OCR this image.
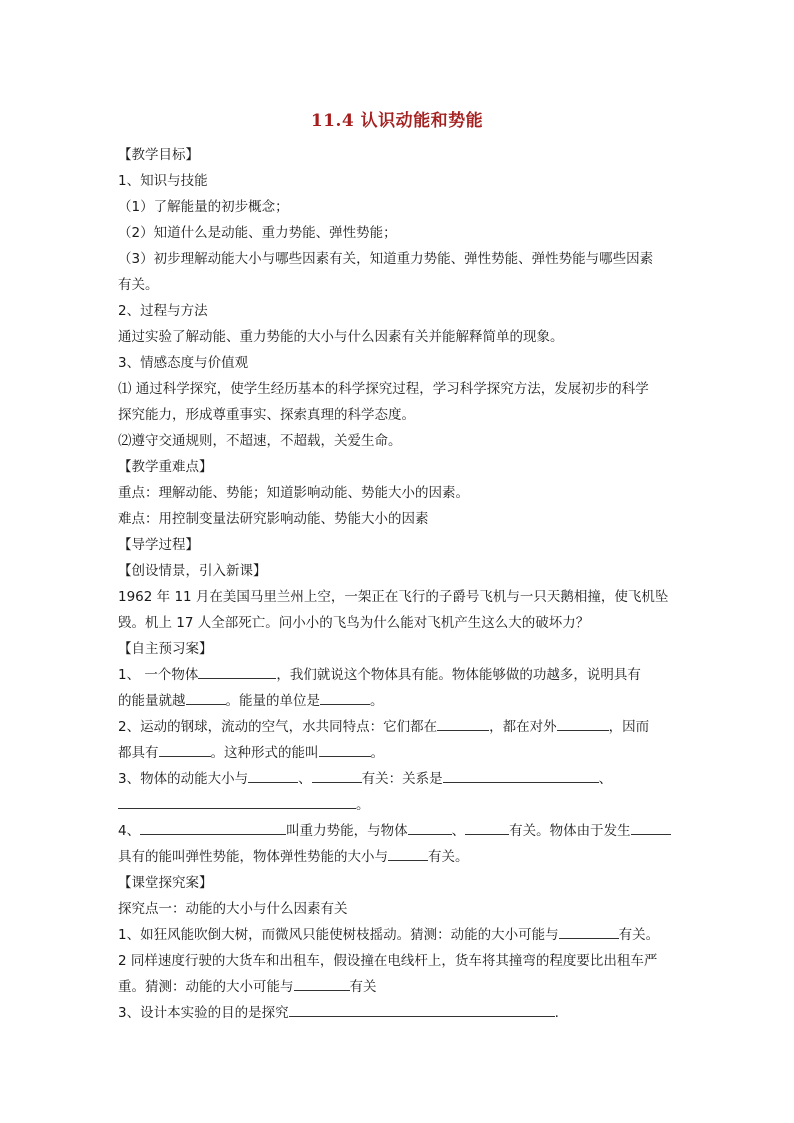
11.4 认识动能和势能
【教学目标】
1、知识与技能
（1）了解能量的初步概念；
（2）知道什么是动能、重力势能、弹性势能；
（3）初步理解动能大小与哪些因素有关，知道重力势能、弹性势能、弹性势能与哪些因素
有关。
2、过程与方法
通过实验了解动能、重力势能的大小与什么因素有关并能解释简单的现象。
3、情感态度与价值观
⑴ 通过科学探究，使学生经历基本的科学探究过程，学习科学探究方法，发展初步的科学
探究能力，形成尊重事实、探索真理的科学态度。
⑵遵守交通规则，不超速，不超载，关爱生命。
【教学重难点】
重点：理解动能、势能；知道影响动能、势能大小的因素。
难点：用控制变量法研究影响动能、势能大小的因素
【导学过程】
【创设情景，引入新课】
1962 年 11 月在美国马里兰州上空，一架正在飞行的子爵号飞机与一只天鹅相撞，使飞机坠
毁。机上 17 人全部死亡。问小小的飞鸟为什么能对飞机产生这么大的破坏力？
【自主预习案】
1、 一个物体	，我们就说这个物体具有能。物体能够做的功越多，说明具有
的能量就越	。能量的单位是	。
2、运动的钢球，流动的空气，水共同特点：它们都在	，都在对外	，因而
都具有	。这种形式的能叫	。
3、物体的动能大小与	、	有关：关系是	、
。
4、	叫重力势能，与物体	、	有关。物体由于发生
具有的能叫弹性势能，物体弹性势能的大小与	有关。
【课堂探究案】
探究点一：动能的大小与什么因素有关
1、如狂风能吹倒大树，而微风只能使树枝摇动。猜测：动能的大小可能与	有关。
2 同样速度行驶的大货车和出租车，假设撞在电线杆上，货车将其撞弯的程度要比出租车严
重。猜测：动能的大小可能与	有关
3、设计本实验的目的是探究	.
